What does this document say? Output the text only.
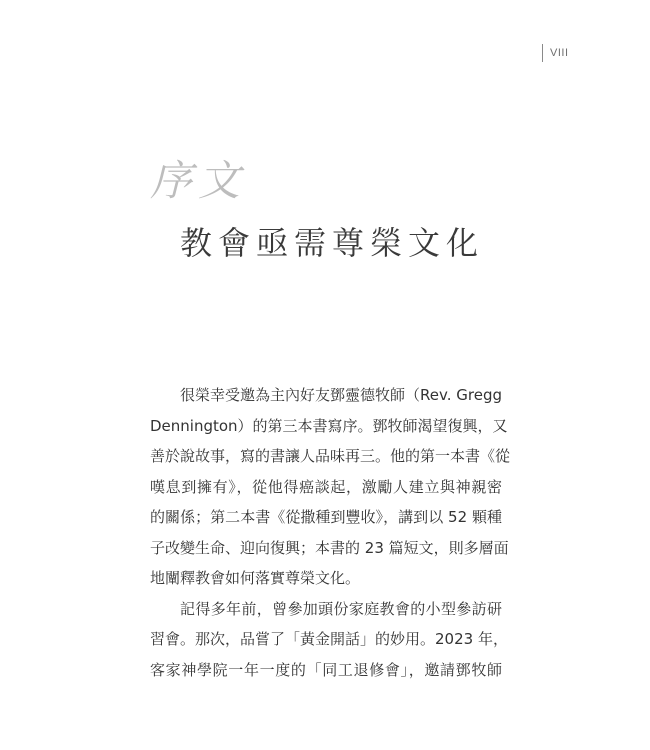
VIII
序文
教會亟需尊榮文化
很榮幸受邀為主內好友鄧靈德牧師（Rev. Gregg
Dennington）的第三本書寫序。鄧牧師渴望復興，又
善於說故事，寫的書讓人品味再三。他的第一本書《從
嘆息到擁有》，從他得癌談起，激勵人建立與神親密
的關係；第二本書《從撒種到豐收》，講到以 52 顆種
子改變生命、迎向復興；本書的 23 篇短文，則多層面
地闡釋教會如何落實尊榮文化。
記得多年前，曾參加頭份家庭教會的小型參訪研
習會。那次，品嘗了「黃金開話」的妙用。2023 年，
客家神學院一年一度的「同工退修會」，邀請鄧牧師
